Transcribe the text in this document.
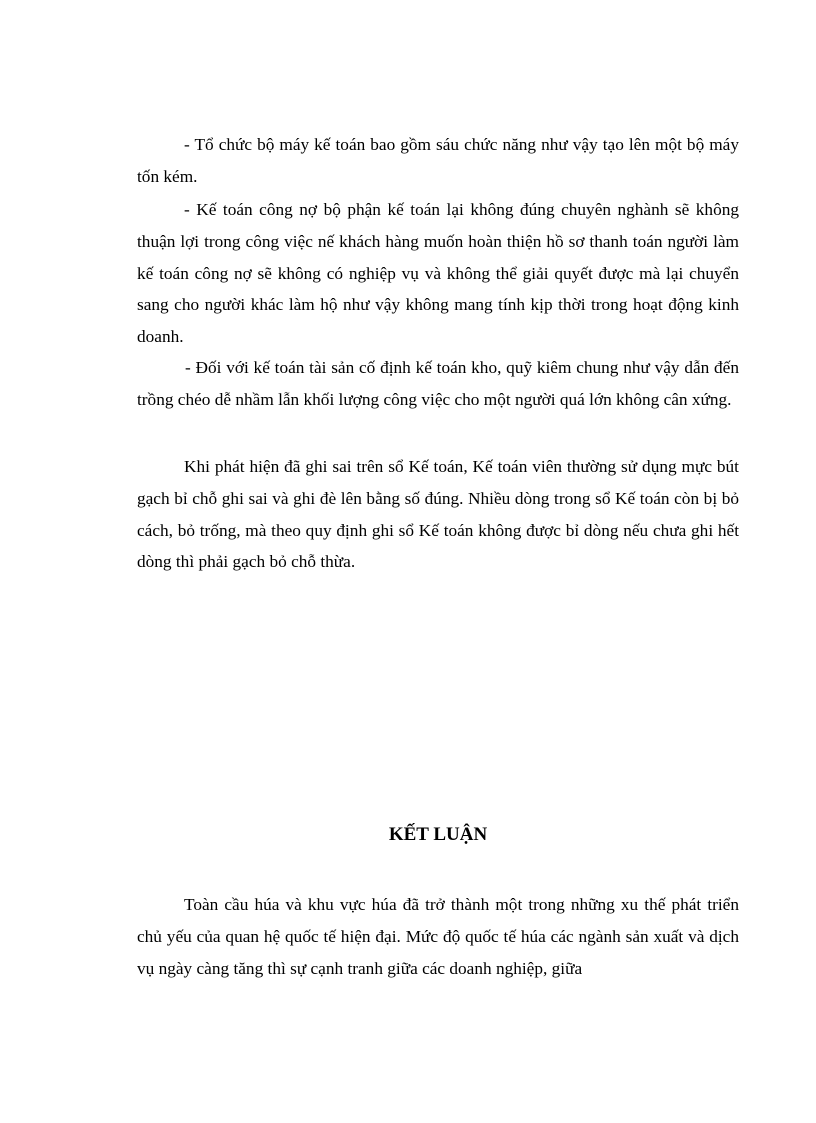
- Tổ chức bộ máy kế toán bao gồm sáu chức năng như vậy tạo lên một bộ máy tốn kém.

- Kế toán công nợ bộ phận kế toán lại không đúng chuyên nghành sẽ không thuận lợi trong công việc nế khách hàng muốn hoàn thiện hồ sơ thanh toán người làm kế toán công nợ sẽ không có nghiệp vụ và không thể giải quyết được mà lại chuyển sang cho người khác làm hộ như vậy không mang tính kịp thời trong hoạt động kinh doanh.

- Đối với kế toán tài sản cố định kế toán kho, quỹ kiêm chung như vậy dẫn đến trồng chéo dễ nhầm lẫn khối lượng công việc cho một người quá lớn không cân xứng.

Khi phát hiện đã ghi sai trên sổ Kế toán, Kế toán viên thường sử dụng mực bút gạch bỉ chỗ ghi sai và ghi đè lên bằng số đúng. Nhiều dòng trong sổ Kế toán còn bị bỏ cách, bỏ trống, mà theo quy định ghi sổ Kế toán không được bỉ dòng nếu chưa ghi hết dòng thì phải gạch bỏ chỗ thừa.

KẾT LUẬN

Toàn cầu húa và khu vực húa đã trở thành một trong những xu thế phát triển chủ yếu của quan hệ quốc tế hiện đại. Mức độ quốc tế húa các ngành sản xuất và dịch vụ ngày càng tăng thì sự cạnh tranh giữa các doanh nghiệp, giữa
